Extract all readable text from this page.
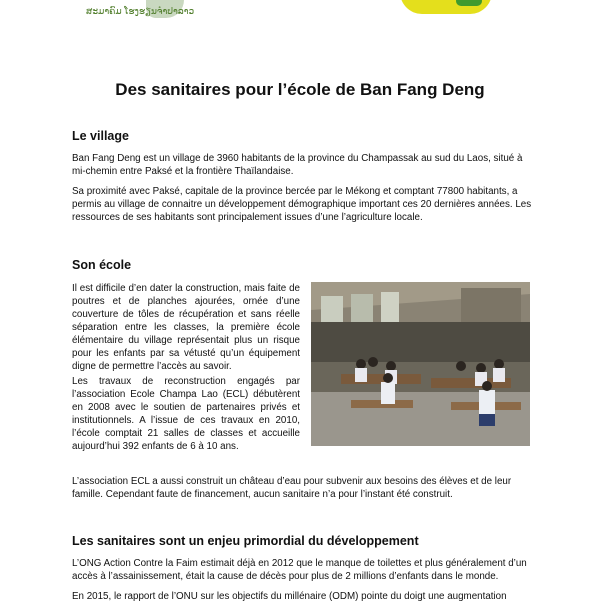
ສະມາຄົມ ໂຮງຮຽນຈຳປາລາວ
Des sanitaires pour l’école de Ban Fang Deng
Le village

Ban Fang Deng est un village de 3960 habitants de la province du Champassak au sud du Laos, situé à mi-chemin entre Paksé et la frontière Thaïlandaise.

Sa proximité avec Paksé, capitale de la province bercée par le Mékong et comptant 77800 habitants, a permis au village de connaitre un développement démographique important ces 20 dernières années. Les ressources de ses habitants sont principalement issues d’une l’agriculture locale.

Son école

Il est difficile d’en dater la construction, mais faite de poutres et de planches ajourées, ornée d’une couverture de tôles de récupération et sans réelle séparation entre les classes, la première école élémentaire du village représentait plus un risque pour les enfants par sa vétusté qu’un équipement digne de permettre l’accès au savoir.

Les travaux de reconstruction engagés par l’association Ecole Champa Lao (ECL) débutèrent en 2008 avec le soutien de partenaires privés et institutionnels. A l’issue de ces travaux en 2010, l’école comptait 21 salles de classes et accueille aujourd’hui 392 enfants de 6 à 10 ans.

L’association ECL a aussi construit un château d’eau pour subvenir aux besoins des élèves et de leur famille. Cependant faute de financement, aucun sanitaire n’a pour l’instant été construit.

Les sanitaires sont un enjeu primordial du développement

L’ONG Action Contre la Faim estimait déjà en 2012 que le manque de toilettes et plus généralement d’un accès à l’assainissement, était la cause de décès pour plus de 2 millions d’enfants dans le monde.

En 2015, le rapport de l’ONU sur les objectifs du millénaire (ODM) pointe du doigt une augmentation
